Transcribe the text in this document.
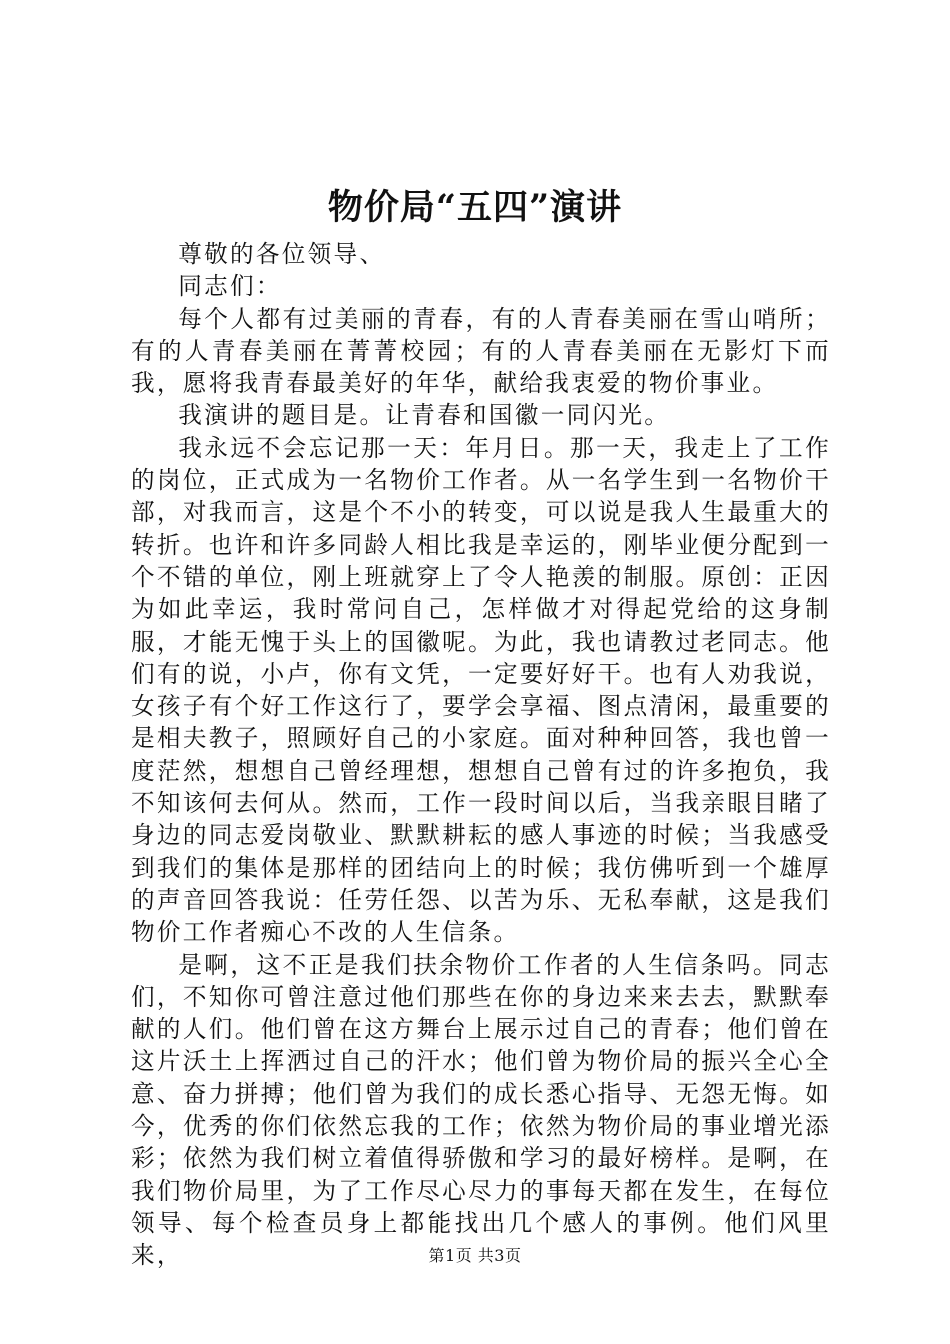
物价局“五四”演讲

尊敬的各位领导、

同志们：

每个人都有过美丽的青春，有的人青春美丽在雪山哨所；有的人青春美丽在菁菁校园；有的人青春美丽在无影灯下而我，愿将我青春最美好的年华，献给我衷爱的物价事业。

我演讲的题目是。让青春和国徽一同闪光。

我永远不会忘记那一天：年月日。那一天，我走上了工作的岗位，正式成为一名物价工作者。从一名学生到一名物价干部，对我而言，这是个不小的转变，可以说是我人生最重大的转折。也许和许多同龄人相比我是幸运的，刚毕业便分配到一个不错的单位，刚上班就穿上了令人艳羡的制服。原创：正因为如此幸运，我时常问自己，怎样做才对得起党给的这身制服，才能无愧于头上的国徽呢。为此，我也请教过老同志。他们有的说，小卢，你有文凭，一定要好好干。也有人劝我说，女孩子有个好工作这行了，要学会享福、图点清闲，最重要的是相夫教子，照顾好自己的小家庭。面对种种回答，我也曾一度茫然，想想自己曾经理想，想想自己曾有过的许多抱负，我不知该何去何从。然而，工作一段时间以后，当我亲眼目睹了身边的同志爱岗敬业、默默耕耘的感人事迹的时候；当我感受到我们的集体是那样的团结向上的时候；我仿佛听到一个雄厚的声音回答我说：任劳任怨、以苦为乐、无私奉献，这是我们物价工作者痴心不改的人生信条。

是啊，这不正是我们扶余物价工作者的人生信条吗。同志们，不知你可曾注意过他们那些在你的身边来来去去，默默奉献的人们。他们曾在这方舞台上展示过自己的青春；他们曾在这片沃土上挥洒过自己的汗水；他们曾为物价局的振兴全心全意、奋力拼搏；他们曾为我们的成长悉心指导、无怨无悔。如今，优秀的你们依然忘我的工作；依然为物价局的事业增光添彩；依然为我们树立着值得骄傲和学习的最好榜样。是啊，在我们物价局里，为了工作尽心尽力的事每天都在发生，在每位领导、每个检查员身上都能找出几个感人的事例。他们风里来，	第1页 共3页
